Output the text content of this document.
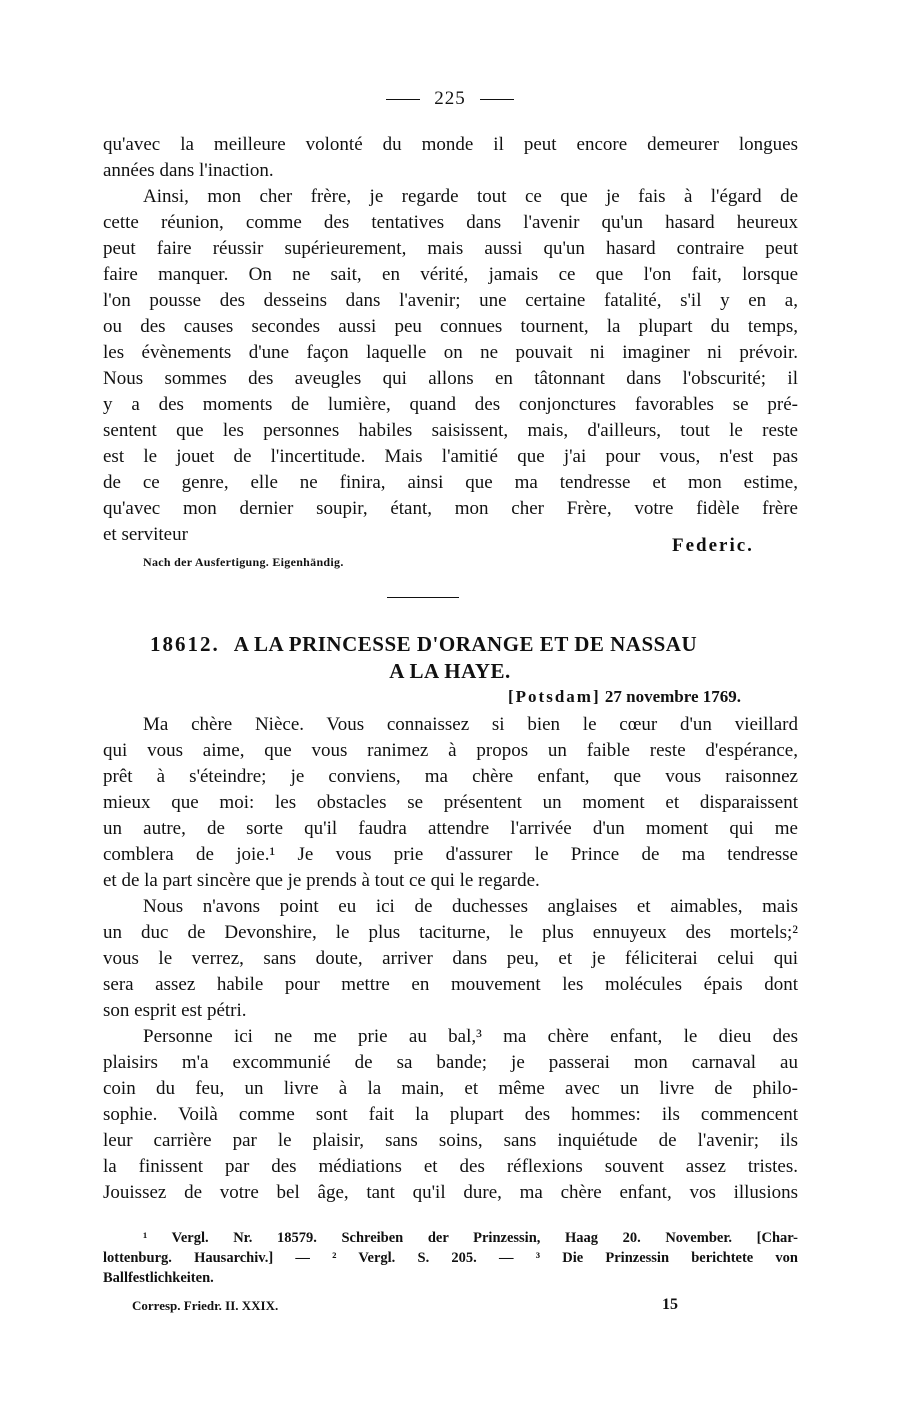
225
qu'avec la meilleure volonté du monde il peut encore demeurer longues
années dans l'inaction.
Ainsi, mon cher frère, je regarde tout ce que je fais à l'égard de
cette réunion, comme des tentatives dans l'avenir qu'un hasard heureux
peut faire réussir supérieurement, mais aussi qu'un hasard contraire peut
faire manquer. On ne sait, en vérité, jamais ce que l'on fait, lorsque
l'on pousse des desseins dans l'avenir; une certaine fatalité, s'il y en a,
ou des causes secondes aussi peu connues tournent, la plupart du temps,
les évènements d'une façon laquelle on ne pouvait ni imaginer ni prévoir.
Nous sommes des aveugles qui allons en tâtonnant dans l'obscurité; il
y a des moments de lumière, quand des conjonctures favorables se pré-
sentent que les personnes habiles saisissent, mais, d'ailleurs, tout le reste
est le jouet de l'incertitude. Mais l'amitié que j'ai pour vous, n'est pas
de ce genre, elle ne finira, ainsi que ma tendresse et mon estime,
qu'avec mon dernier soupir, étant, mon cher Frère, votre fidèle frère
et serviteur
Federic.
Nach der Ausfertigung. Eigenhändig.
18612. A LA PRINCESSE D'ORANGE ET DE NASSAU
A LA HAYE.
[Potsdam] 27 novembre 1769.
Ma chère Nièce. Vous connaissez si bien le cœur d'un vieillard
qui vous aime, que vous ranimez à propos un faible reste d'espérance,
prêt à s'éteindre; je conviens, ma chère enfant, que vous raisonnez
mieux que moi: les obstacles se présentent un moment et disparaissent
un autre, de sorte qu'il faudra attendre l'arrivée d'un moment qui me
comblera de joie.¹ Je vous prie d'assurer le Prince de ma tendresse
et de la part sincère que je prends à tout ce qui le regarde.
Nous n'avons point eu ici de duchesses anglaises et aimables, mais
un duc de Devonshire, le plus taciturne, le plus ennuyeux des mortels;²
vous le verrez, sans doute, arriver dans peu, et je féliciterai celui qui
sera assez habile pour mettre en mouvement les molécules épais dont
son esprit est pétri.
Personne ici ne me prie au bal,³ ma chère enfant, le dieu des
plaisirs m'a excommunié de sa bande; je passerai mon carnaval au
coin du feu, un livre à la main, et même avec un livre de philo-
sophie. Voilà comme sont fait la plupart des hommes: ils commencent
leur carrière par le plaisir, sans soins, sans inquiétude de l'avenir; ils
la finissent par des médiations et des réflexions souvent assez tristes.
Jouissez de votre bel âge, tant qu'il dure, ma chère enfant, vos illusions
¹ Vergl. Nr. 18579. Schreiben der Prinzessin, Haag 20. November. [Char-
lottenburg. Hausarchiv.] — ² Vergl. S. 205. — ³ Die Prinzessin berichtete von
Ballfestlichkeiten.
Corresp. Friedr. II. XXIX.	15
